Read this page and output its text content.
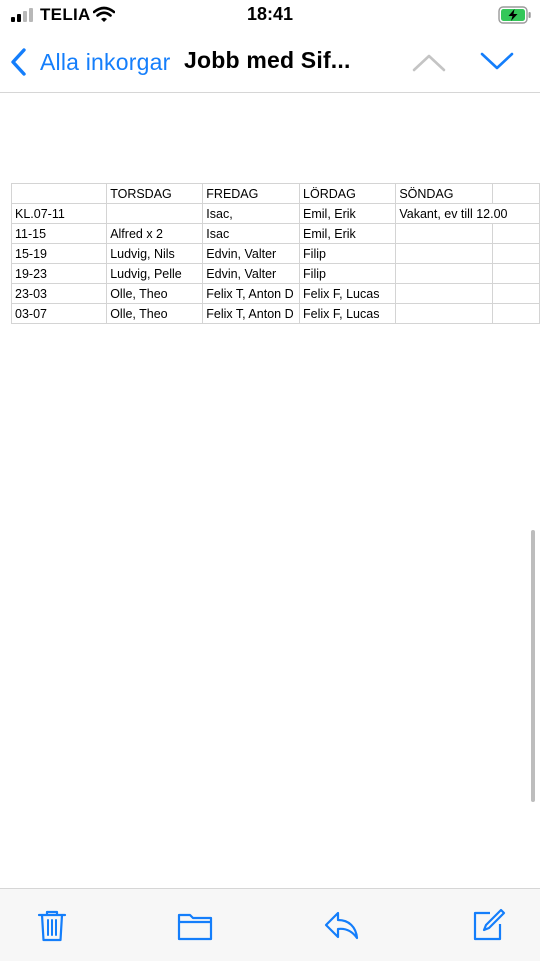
TELIA	18:41
Alla inkorgar Jobb med Sif...
	TORSDAG	FREDAG	LÖRDAG	SÖNDAG	
KL.07-11		Isac,	Emil, Erik	Vakant, ev till 12.00	
11-15	Alfred x 2	Isac	Emil, Erik		
15-19	Ludvig, Nils	Edvin, Valter	Filip		
19-23	Ludvig, Pelle	Edvin, Valter	Filip		
23-03	Olle, Theo	Felix T, Anton D	Felix F, Lucas		
03-07	Olle, Theo	Felix T, Anton D	Felix F, Lucas		
